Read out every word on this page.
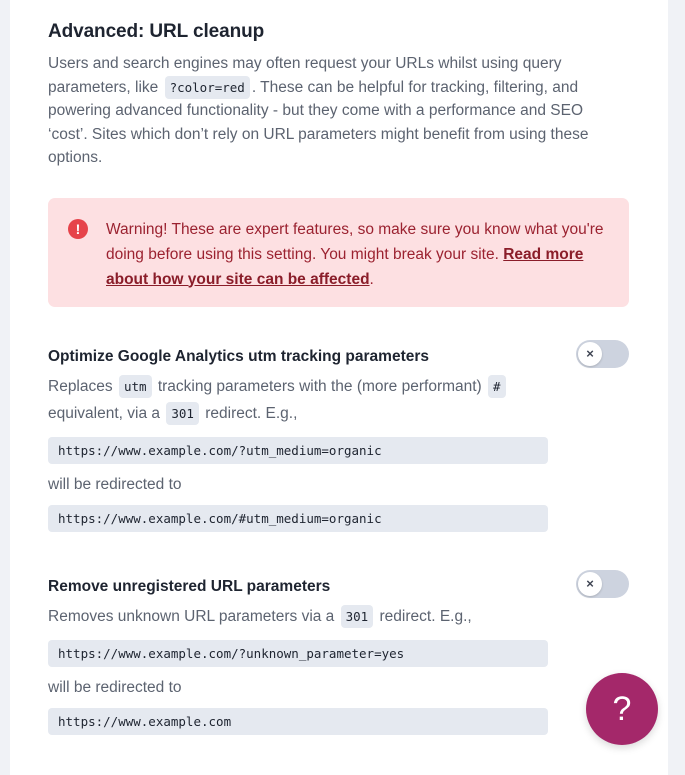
Advanced: URL cleanup

Users and search engines may often request your URLs whilst using query parameters, like ?color=red . These can be helpful for tracking, filtering, and powering advanced functionality - but they come with a performance and SEO ‘cost’. Sites which don’t rely on URL parameters might benefit from using these options.

!	Warning! These are expert features, so make sure you know what you're doing before using this setting. You might break your site. Read more about how your site can be affected.
Optimize Google Analytics utm tracking parameters	×

Replaces utm tracking parameters with the (more performant) # equivalent, via a 301 redirect. E.g.,

https://www.example.com/?utm_medium=organic
will be redirected to
https://www.example.com/#utm_medium=organic
Remove unregistered URL parameters	×

Removes unknown URL parameters via a 301 redirect. E.g.,

https://www.example.com/?unknown_parameter=yes
will be redirected to
https://www.example.com	?
